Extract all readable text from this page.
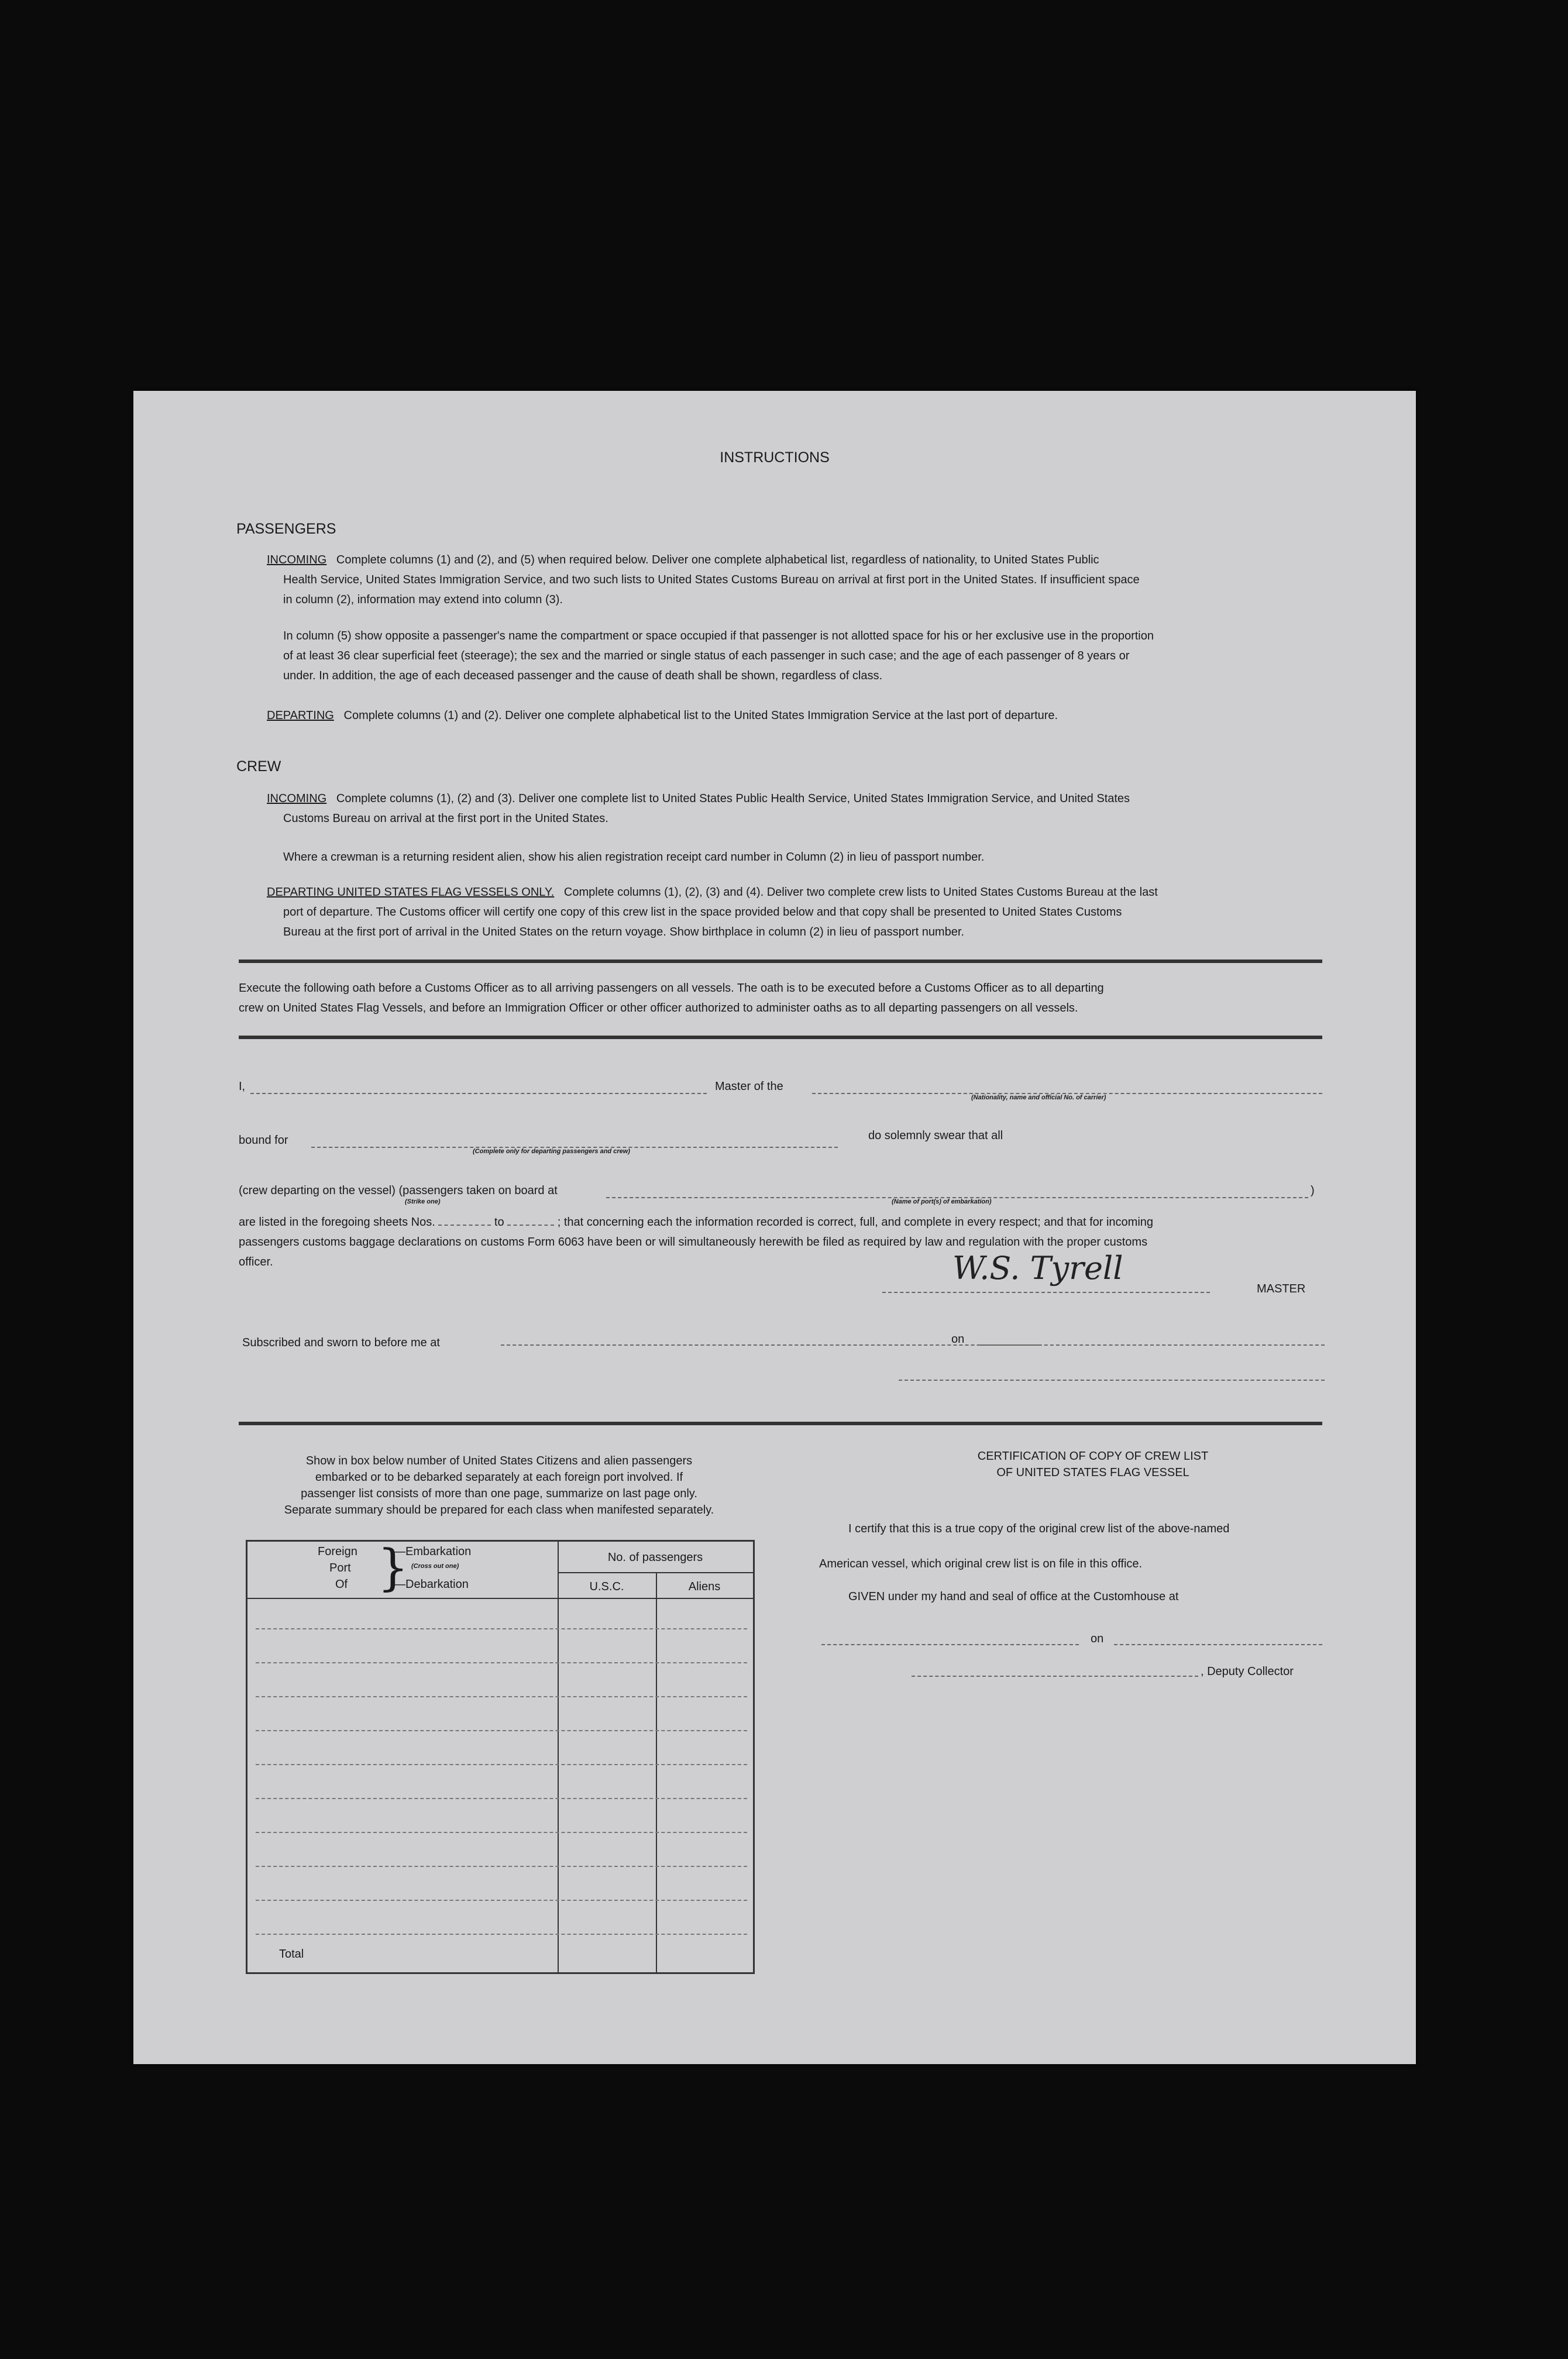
INSTRUCTIONS
PASSENGERS
INCOMING Complete columns (1) and (2), and (5) when required below. Deliver one complete alphabetical list, regardless of nationality, to United States Public
Health Service, United States Immigration Service, and two such lists to United States Customs Bureau on arrival at first port in the United States. If insufficient space
in column (2), information may extend into column (3).
In column (5) show opposite a passenger's name the compartment or space occupied if that passenger is not allotted space for his or her exclusive use in the proportion
of at least 36 clear superficial feet (steerage); the sex and the married or single status of each passenger in such case; and the age of each passenger of 8 years or
under. In addition, the age of each deceased passenger and the cause of death shall be shown, regardless of class.
DEPARTING Complete columns (1) and (2). Deliver one complete alphabetical list to the United States Immigration Service at the last port of departure.
CREW
INCOMING Complete columns (1), (2) and (3). Deliver one complete list to United States Public Health Service, United States Immigration Service, and United States
Customs Bureau on arrival at the first port in the United States.
Where a crewman is a returning resident alien, show his alien registration receipt card number in Column (2) in lieu of passport number.
DEPARTING UNITED STATES FLAG VESSELS ONLY. Complete columns (1), (2), (3) and (4). Deliver two complete crew lists to United States Customs Bureau at the last
port of departure. The Customs officer will certify one copy of this crew list in the space provided below and that copy shall be presented to United States Customs
Bureau at the first port of arrival in the United States on the return voyage. Show birthplace in column (2) in lieu of passport number.
Execute the following oath before a Customs Officer as to all arriving passengers on all vessels. The oath is to be executed before a Customs Officer as to all departing
crew on United States Flag Vessels, and before an Immigration Officer or other officer authorized to administer oaths as to all departing passengers on all vessels.
I,	Master of the
(Nationality, name and official No. of carrier)
bound for
(Complete only for departing passengers and crew)
do solemnly swear that all
(crew departing on the vessel) (passengers taken on board at
(Strike one)
)
(Name of port(s) of embarkation)
are listed in the foregoing sheets Nos.	to	; that concerning each the information recorded is correct, full, and complete in every respect; and that for incoming
passengers customs baggage declarations on customs Form 6063 have been or will simultaneously herewith be filed as required by law and regulation with the proper customs
officer.	W.S. Tyrell
MASTER
Subscribed and sworn to before me at	on
Show in box below number of United States Citizens and alien passengers
embarked or to be debarked separately at each foreign port involved. If
passenger list consists of more than one page, summarize on last page only.
Separate summary should be prepared for each class when manifested separately.
Foreign
Port
Of }
—Embarkation
(Cross out one)
—Debarkation
No. of passengers
U.S.C.	Aliens
Total
CERTIFICATION OF COPY OF CREW LIST
OF UNITED STATES FLAG VESSEL
I certify that this is a true copy of the original crew list of the above-named
American vessel, which original crew list is on file in this office.
GIVEN under my hand and seal of office at the Customhouse at
on
, Deputy Collector
